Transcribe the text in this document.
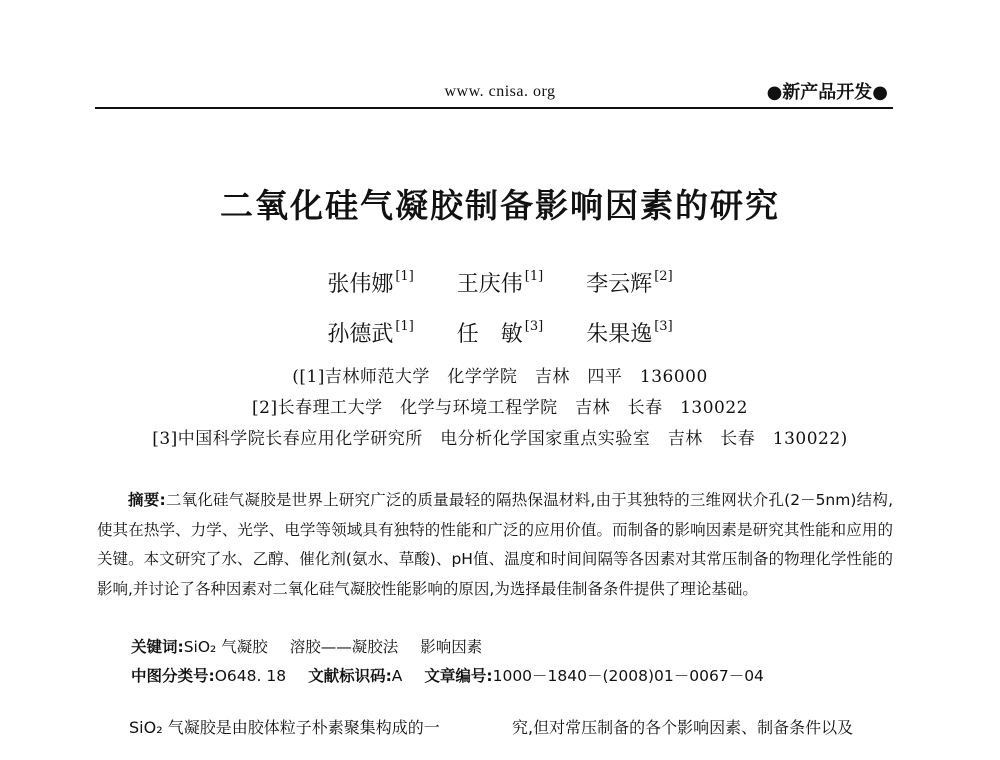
www. cnisa. org	●新产品开发●
二氧化硅气凝胶制备影响因素的研究
张伟娜 [1] 王庆伟 [1] 李云辉 [2]
孙德武 [1] 任　敏 [3] 朱果逸 [3]
([1]吉林师范大学　化学学院　吉林　四平　136000
[2]长春理工大学　化学与环境工程学院　吉林　长春　130022
[3]中国科学院长春应用化学研究所　电分析化学国家重点实验室　吉林　长春　130022)
摘要:二氧化硅气凝胶是世界上研究广泛的质量最轻的隔热保温材料,由于其独特的三维网状介孔(2－5nm)结构,使其在热学、力学、光学、电学等领域具有独特的性能和广泛的应用价值。而制备的影响因素是研究其性能和应用的关键。本文研究了水、乙醇、催化剂(氨水、草酸)、pH值、温度和时间间隔等各因素对其常压制备的物理化学性能的影响,并讨论了各种因素对二氧化硅气凝胶性能影响的原因,为选择最佳制备条件提供了理论基础。
关键词:SiO₂ 气凝胶 溶胶——凝胶法 影响因素
中图分类号:O648. 18 文献标识码:A 文章编号:1000－1840－(2008)01－0067－04
SiO₂ 气凝胶是由胶体粒子朴素聚集构成的一	究,但对常压制备的各个影响因素、制备条件以及
